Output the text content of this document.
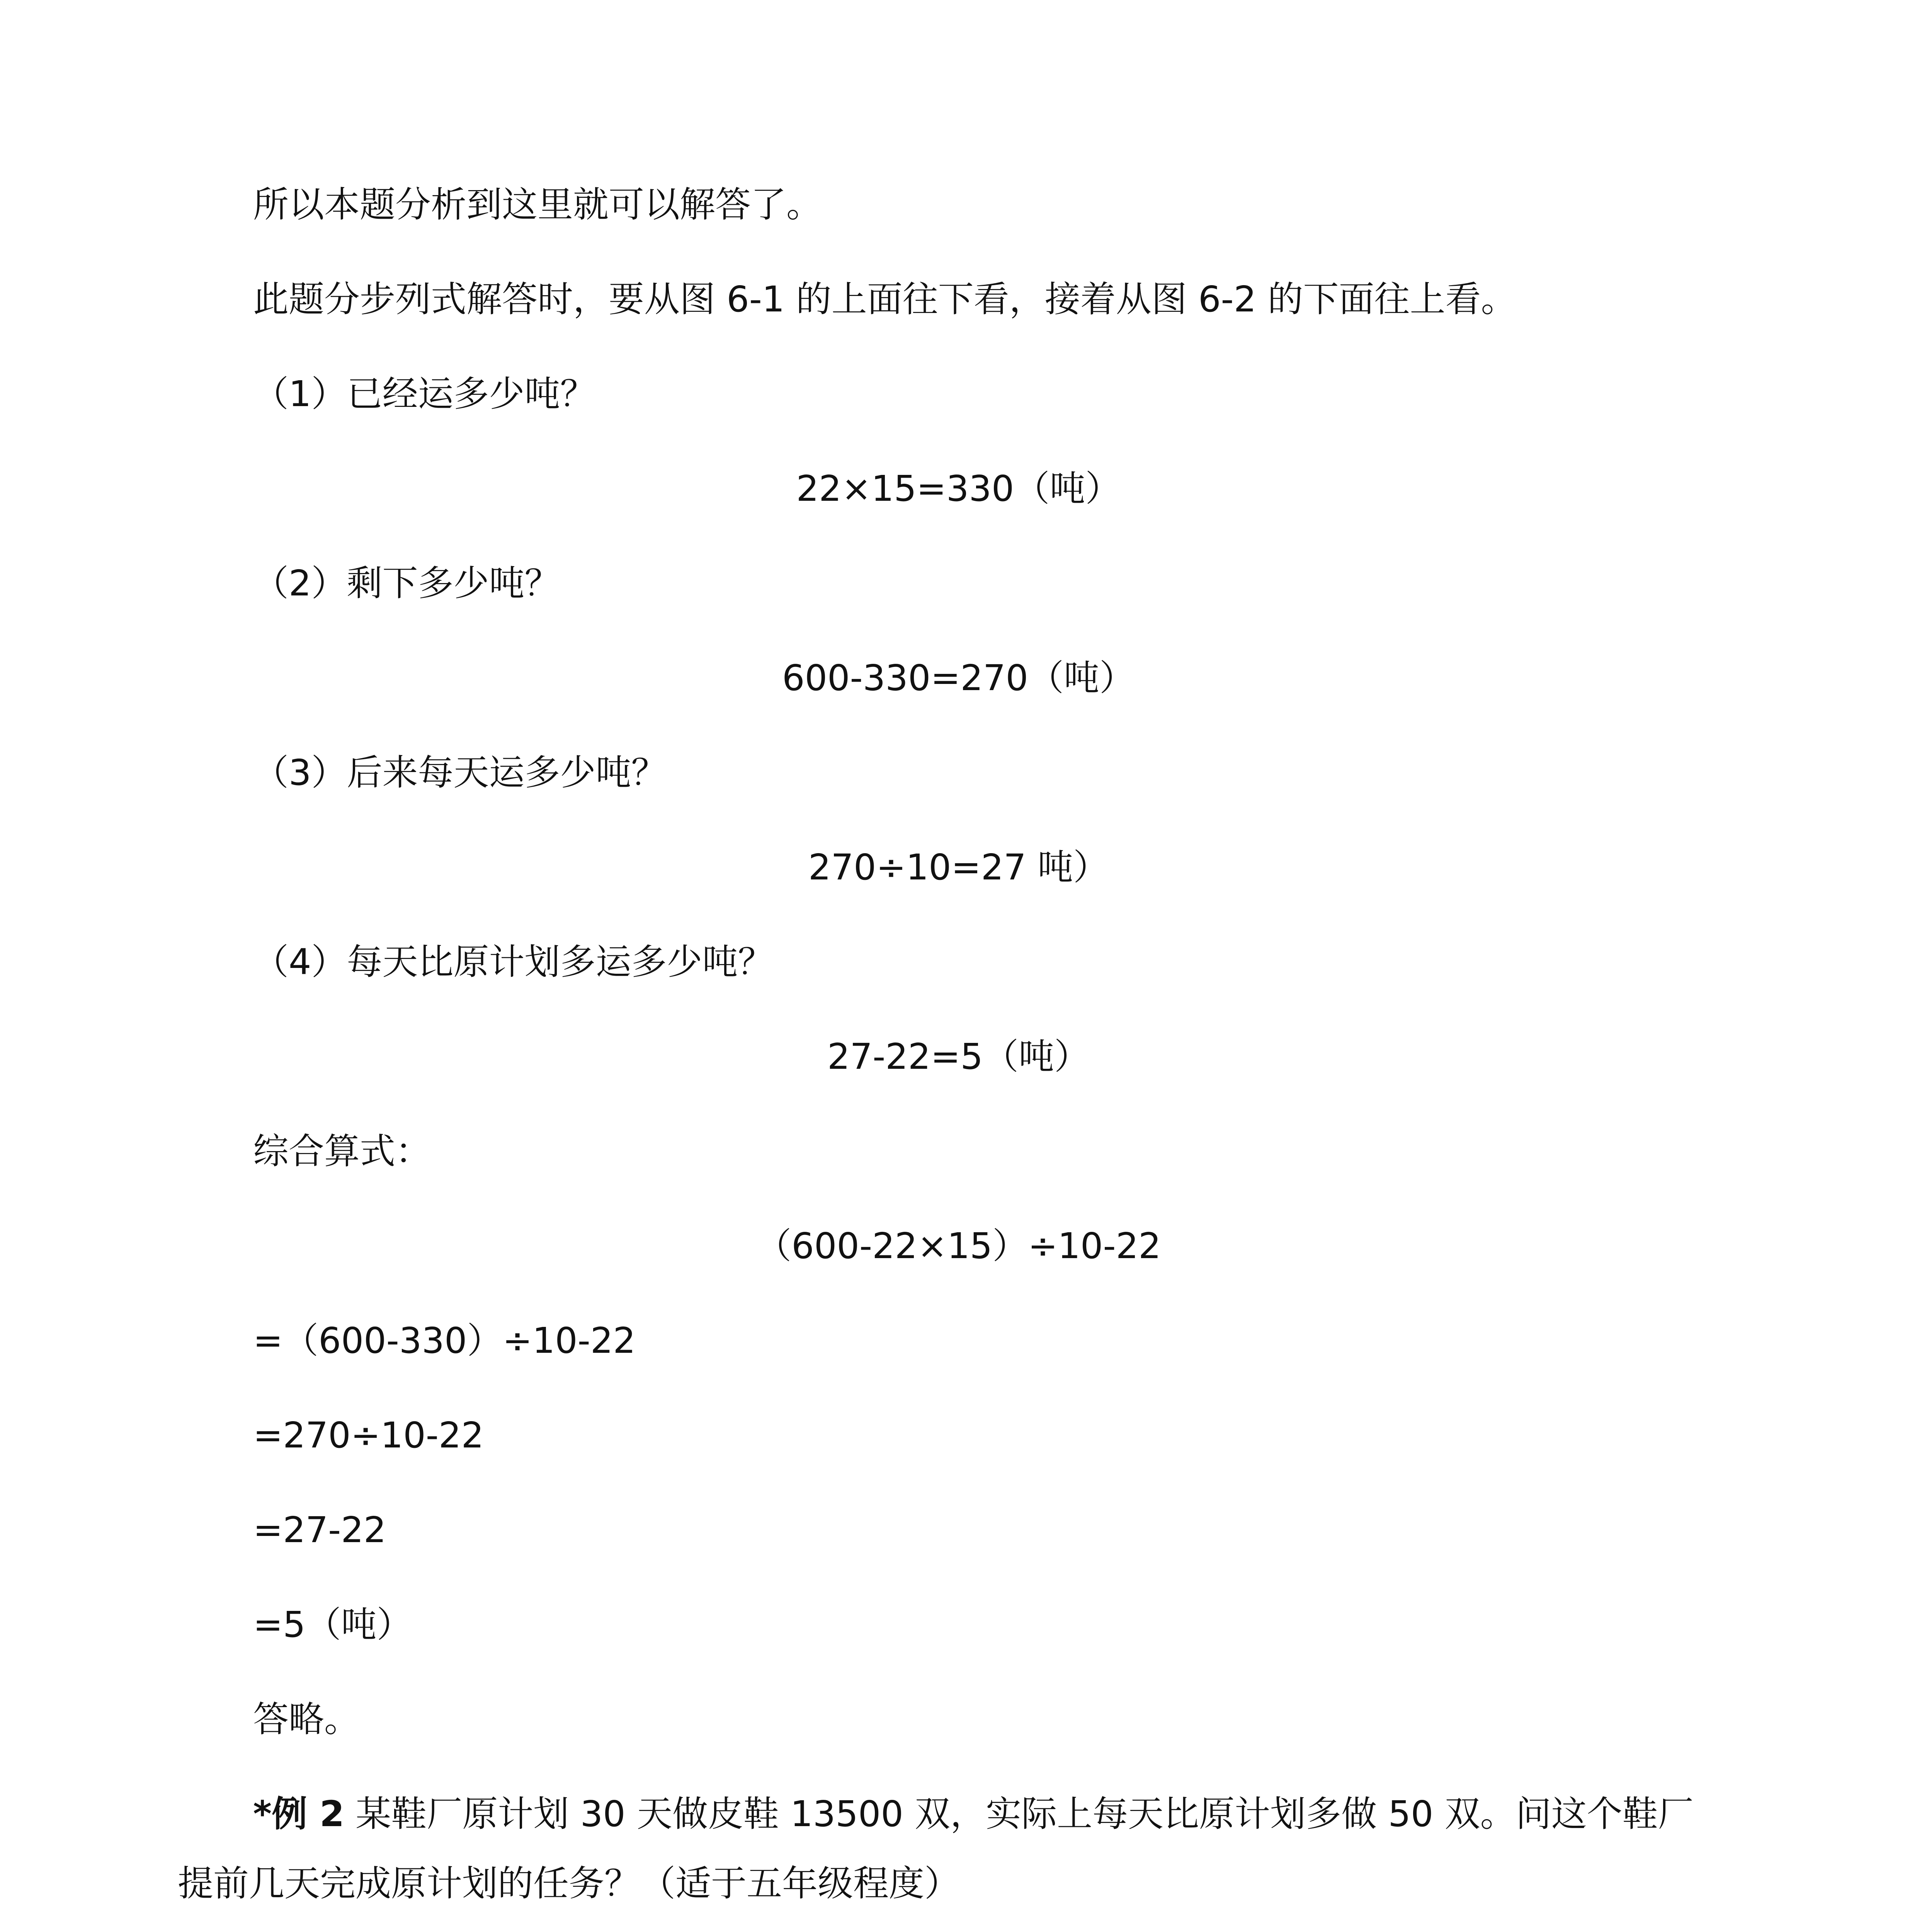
所以本题分析到这里就可以解答了。

此题分步列式解答时，要从图 6-1 的上面往下看，接着从图 6-2 的下面往上看。

（1）已经运多少吨？

22×15=330（吨）

（2）剩下多少吨？

600-330=270（吨）

（3）后来每天运多少吨？

270÷10=27 吨）

（4）每天比原计划多运多少吨？

27-22=5（吨）

综合算式：

（600-22×15）÷10-22

=（600-330）÷10-22

=270÷10-22

=27-22

=5（吨）

答略。

*例 2 某鞋厂原计划 30 天做皮鞋 13500 双，实际上每天比原计划多做 50 双。问这个鞋厂

提前几天完成原计划的任务？（适于五年级程度）
